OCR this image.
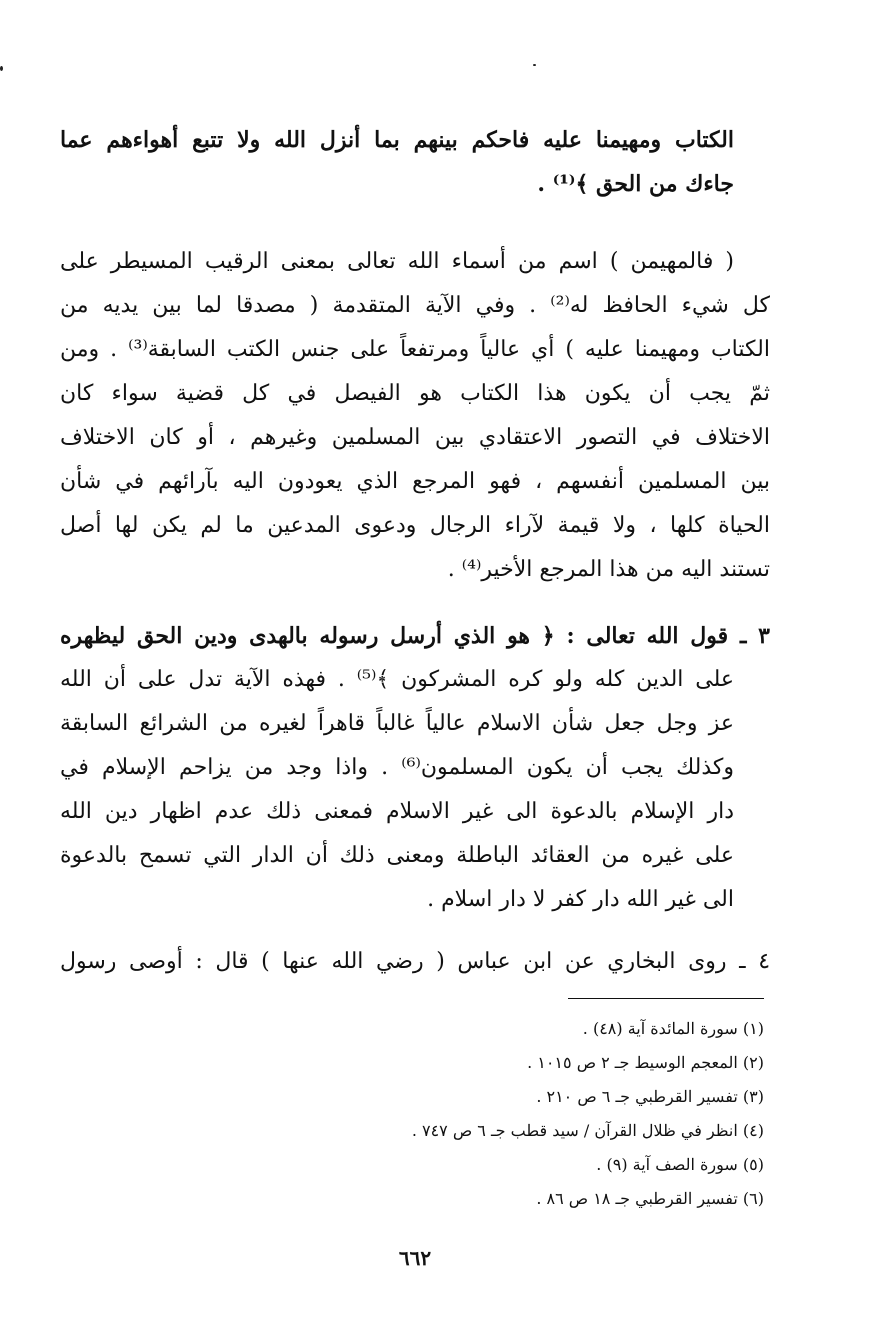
الكتاب ومهيمنا عليه فاحكم بينهم بما أنزل الله ولا تتبع أهواءهم عما
جاءك من الحق ﴾⁽¹⁾ .
( فالمهيمن ) اسم من أسماء الله تعالى بمعنى الرقيب المسيطر على
كل شيء الحافظ له⁽²⁾ . وفي الآية المتقدمة ( مصدقا لما بين يديه من
الكتاب ومهيمنا عليه ) أي عالياً ومرتفعاً على جنس الكتب السابقة⁽³⁾ . ومن
ثمّ يجب أن يكون هذا الكتاب هو الفيصل في كل قضية سواء كان
الاختلاف في التصور الاعتقادي بين المسلمين وغيرهم ، أو كان الاختلاف
بين المسلمين أنفسهم ، فهو المرجع الذي يعودون اليه بآرائهم في شأن
الحياة كلها ، ولا قيمة لآراء الرجال ودعوى المدعين ما لم يكن لها أصل
تستند اليه من هذا المرجع الأخير⁽⁴⁾ .
٣ ـ قول الله تعالى : ﴿ هو الذي أرسل رسوله بالهدى ودين الحق ليظهره
على الدين كله ولو كره المشركون ﴾⁽⁵⁾ . فهذه الآية تدل على أن الله
عز وجل جعل شأن الاسلام عالياً غالباً قاهراً لغيره من الشرائع السابقة
وكذلك يجب أن يكون المسلمون⁽⁶⁾ . واذا وجد من يزاحم الإسلام في
دار الإسلام بالدعوة الى غير الاسلام فمعنى ذلك عدم اظهار دين الله
على غيره من العقائد الباطلة ومعنى ذلك أن الدار التي تسمح بالدعوة
الى غير الله دار كفر لا دار اسلام .
٤ ـ روى البخاري عن ابن عباس ( رضي الله عنها ) قال : أوصى رسول
(١) سورة المائدة آية (٤٨) .
(٢) المعجم الوسيط جـ ٢ ص ١٠١٥ .
(٣) تفسير القرطبي جـ ٦ ص ٢١٠ .
(٤) انظر في ظلال القرآن / سيد قطب جـ ٦ ص ٧٤٧ .
(٥) سورة الصف آية (٩) .
(٦) تفسير القرطبي جـ ١٨ ص ٨٦ .
٦٦٢
